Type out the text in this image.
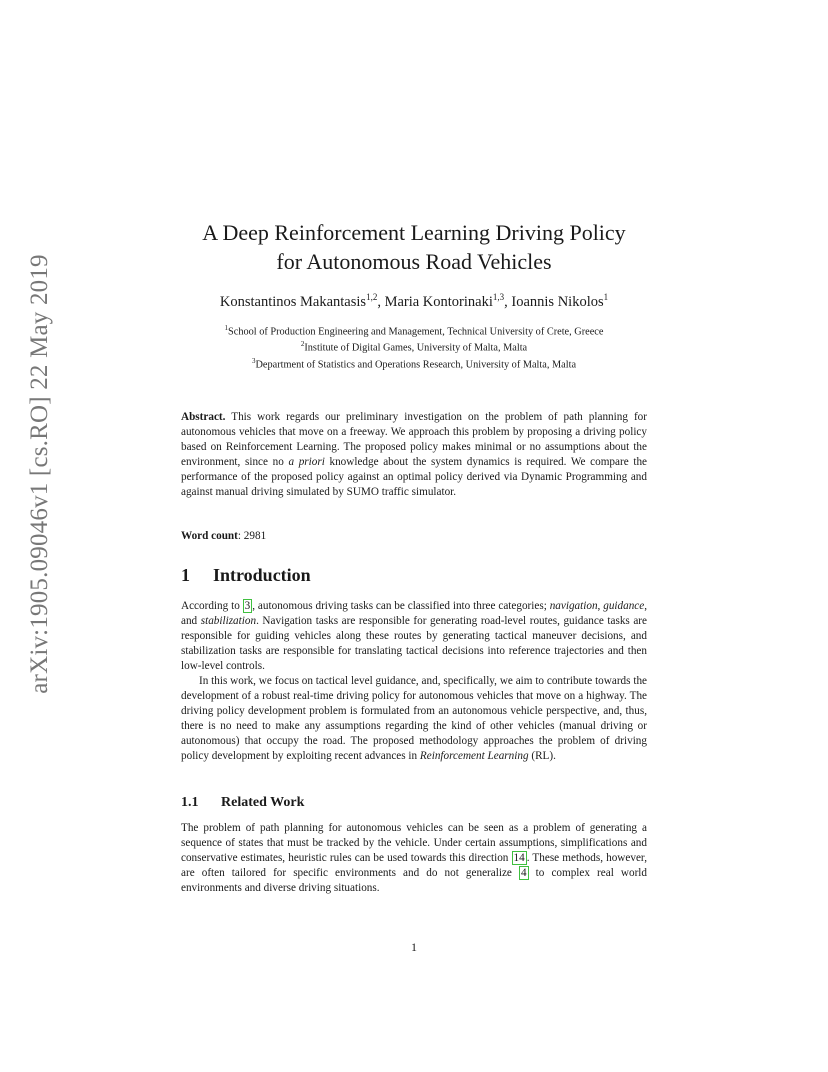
arXiv:1905.09046v1 [cs.RO] 22 May 2019
A Deep Reinforcement Learning Driving Policy
for Autonomous Road Vehicles
Konstantinos Makantasis$^{1,2}$, Maria Kontorinaki$^{1,3}$, Ioannis Nikolos$^1$
$^1$School of Production Engineering and Management, Technical University of Crete, Greece
$^2$Institute of Digital Games, University of Malta, Malta
$^3$Department of Statistics and Operations Research, University of Malta, Malta
Abstract. This work regards our preliminary investigation on the problem of path planning for autonomous vehicles that move on a freeway. We approach this problem by proposing a driving policy based on Reinforcement Learning. The proposed policy makes minimal or no assumptions about the environment, since no a priori knowledge about the system dynamics is required. We compare the performance of the proposed policy against an optimal policy derived via Dynamic Programming and against manual driving simulated by SUMO traffic simulator.
Word count: 2981
1 Introduction
According to 3 , autonomous driving tasks can be classified into three categories; navigation, guidance, and stabilization. Navigation tasks are responsible for generating road-level routes, guidance tasks are responsible for guiding vehicles along these routes by generating tactical maneuver decisions, and stabilization tasks are responsible for translating tactical decisions into reference trajectories and then low-level controls.
In this work, we focus on tactical level guidance, and, specifically, we aim to contribute towards the development of a robust real-time driving policy for autonomous vehicles that move on a highway. The driving policy development problem is formulated from an autonomous vehicle perspective, and, thus, there is no need to make any assumptions regarding the kind of other vehicles (manual driving or autonomous) that occupy the road. The proposed methodology approaches the problem of driving policy development by exploiting recent advances in Reinforcement Learning (RL).
1.1 Related Work
The problem of path planning for autonomous vehicles can be seen as a problem of generating a sequence of states that must be tracked by the vehicle. Under certain assumptions, simplifications and conservative estimates, heuristic rules can be used towards this direction 14 . These methods, however, are often tailored for specific environments and do not generalize 4 to complex real world environments and diverse driving situations.
1
